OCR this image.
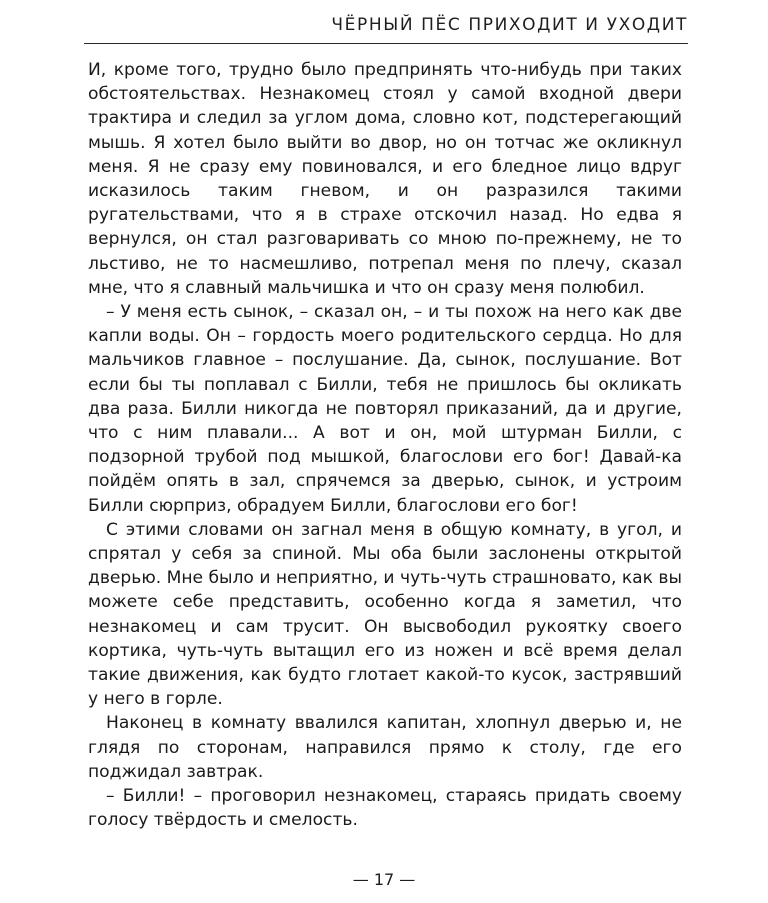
ЧЁРНЫЙ ПЁС ПРИХОДИТ И УХОДИТ

И, кроме того, трудно было предпринять что-нибудь при таких обстоятельствах. Незнакомец стоял у самой входной двери трактира и следил за углом дома, словно кот, подстерегающий мышь. Я хотел было выйти во двор, но он тотчас же окликнул меня. Я не сразу ему повиновался, и его бледное лицо вдруг исказилось таким гневом, и он разразился такими ругательствами, что я в страхе отскочил назад. Но едва я вернулся, он стал разговаривать со мною по-прежнему, не то льстиво, не то насмешливо, потрепал меня по плечу, сказал мне, что я славный мальчишка и что он сразу меня полюбил.

– У меня есть сынок, – сказал он, – и ты похож на него как две капли воды. Он – гордость моего родительского сердца. Но для мальчиков главное – послушание. Да, сынок, послушание. Вот если бы ты поплавал с Билли, тебя не пришлось бы окликать два раза. Билли никогда не повторял приказаний, да и другие, что с ним плавали... А вот и он, мой штурман Билли, с подзорной трубой под мышкой, благослови его бог! Давай-ка пойдём опять в зал, спрячемся за дверью, сынок, и устроим Билли сюрприз, обрадуем Билли, благослови его бог!

С этими словами он загнал меня в общую комнату, в угол, и спрятал у себя за спиной. Мы оба были заслонены открытой дверью. Мне было и неприятно, и чуть-чуть страшновато, как вы можете себе представить, особенно когда я заметил, что незнакомец и сам трусит. Он высвободил рукоятку своего кортика, чуть-чуть вытащил его из ножен и всё время делал такие движения, как будто глотает какой-то кусок, застрявший у него в горле.

Наконец в комнату ввалился капитан, хлопнул дверью и, не глядя по сторонам, направился прямо к столу, где его поджидал завтрак.

– Билли! – проговорил незнакомец, стараясь придать своему голосу твёрдость и смелость.

— 17 —
